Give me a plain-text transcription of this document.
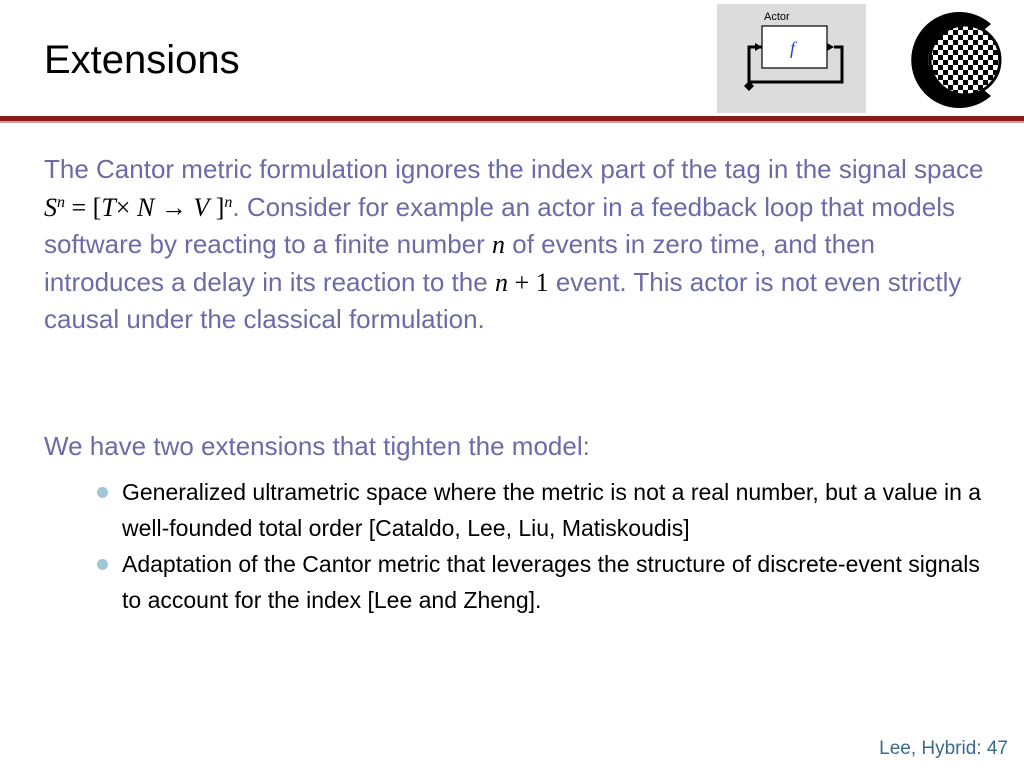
Extensions
Actor
f
The Cantor metric formulation ignores the index part of the tag in the signal space $S^n = [T\times N \to V$ ]$^n$. Consider for example an actor in a feedback loop that models software by reacting to a finite number n of events in zero time, and then introduces a delay in its reaction to the n + 1 event. This actor is not even strictly causal under the classical formulation.
We have two extensions that tighten the model:
Generalized ultrametric space where the metric is not a real number, but a value in a well-founded total order [Cataldo, Lee, Liu, Matiskoudis]
Adaptation of the Cantor metric that leverages the structure of discrete-event signals to account for the index [Lee and Zheng].
Lee, Hybrid: 47
